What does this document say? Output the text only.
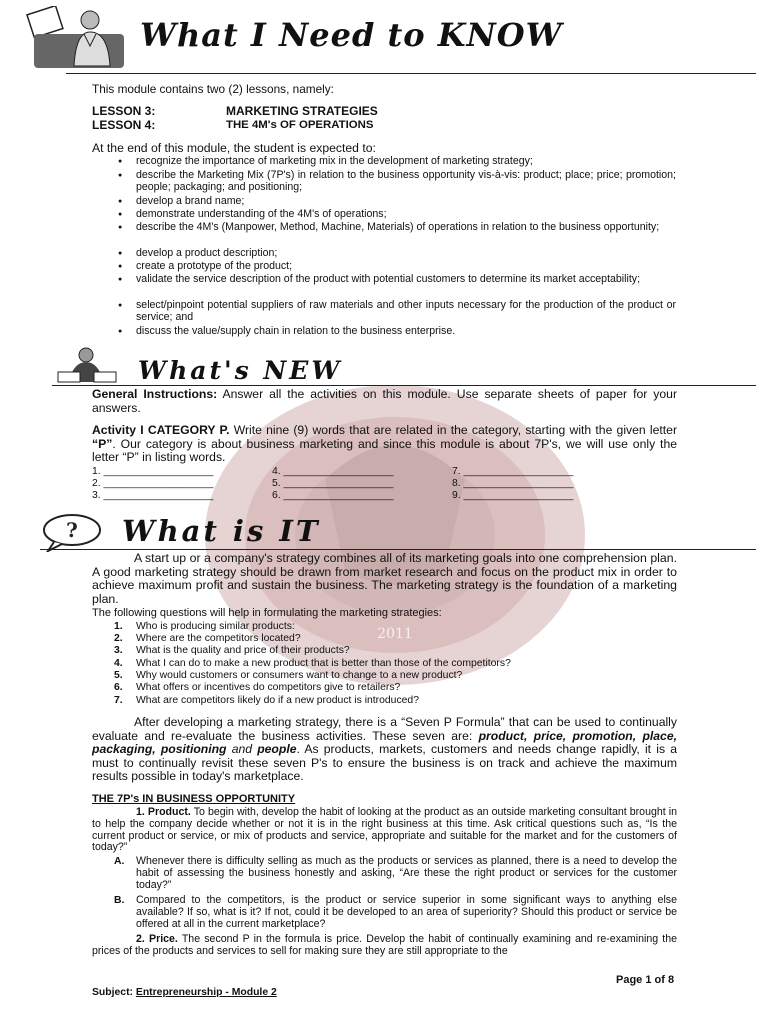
What I Need to KNOW
This module contains two (2) lessons, namely:
LESSON 3:	MARKETING STRATEGIES
LESSON 4:	THE 4M's OF OPERATIONS
At the end of this module, the student is expected to:
● recognize the importance of marketing mix in the development of marketing strategy;
● describe the Marketing Mix (7P's) in relation to the business opportunity vis-à-vis: product; place; price; promotion; people; packaging; and positioning;
● develop a brand name;
● demonstrate understanding of the 4M's of operations;
● describe the 4M's (Manpower, Method, Machine, Materials) of operations in relation to the business opportunity;
● develop a product description;
● create a prototype of the product;
● validate the service description of the product with potential customers to determine its market acceptability;
● select/pinpoint potential suppliers of raw materials and other inputs necessary for the production of the product or service; and
● discuss the value/supply chain in relation to the business enterprise.
2011
What's NEW
General Instructions: Answer all the activities on this module. Use separate sheets of paper for your answers.
Activity I CATEGORY P. Write nine (9) words that are related in the category, starting with the given letter “P”. Our category is about business marketing and since this module is about 7P's, we will use only the letter “P” in listing words.
1. ___________________
2. ___________________
3. ___________________
4. ___________________
5. ___________________
6. ___________________
7. ___________________
8. ___________________
9. ___________________
? What is IT
A start up or a company's strategy combines all of its marketing goals into one comprehension plan. A good marketing strategy should be drawn from market research and focus on the product mix in order to achieve maximum profit and sustain the business. The marketing strategy is the foundation of a marketing plan.
The following questions will help in formulating the marketing strategies:
1. Who is producing similar products:
2. Where are the competitors located?
3. What is the quality and price of their products?
4. What I can do to make a new product that is better than those of the competitors?
5. Why would customers or consumers want to change to a new product?
6. What offers or incentives do competitors give to retailers?
7. What are competitors likely do if a new product is introduced?
After developing a marketing strategy, there is a “Seven P Formula” that can be used to continually evaluate and re-evaluate the business activities. These seven are: product, price, promotion, place, packaging, positioning and people. As products, markets, customers and needs change rapidly, it is a must to continually revisit these seven P's to ensure the business is on track and achieve the maximum results possible in today's marketplace.
THE 7P's IN BUSINESS OPPORTUNITY
1. Product. To begin with, develop the habit of looking at the product as an outside marketing consultant brought in to help the company decide whether or not it is in the right business at this time. Ask critical questions such as, “Is the current product or service, or mix of products and service, appropriate and suitable for the market and for the customers of today?”
A. Whenever there is difficulty selling as much as the products or services as planned, there is a need to develop the habit of assessing the business honestly and asking, “Are these the right product or services for the customer today?”
B. Compared to the competitors, is the product or service superior in some significant ways to anything else available? If so, what is it? If not, could it be developed to an area of superiority? Should this product or service be offered at all in the current marketplace?
2. Price. The second P in the formula is price. Develop the habit of continually examining and re-examining the prices of the products and services to sell for making sure they are still appropriate to the
Page 1 of 8
Subject: Entrepreneurship - Module 2
